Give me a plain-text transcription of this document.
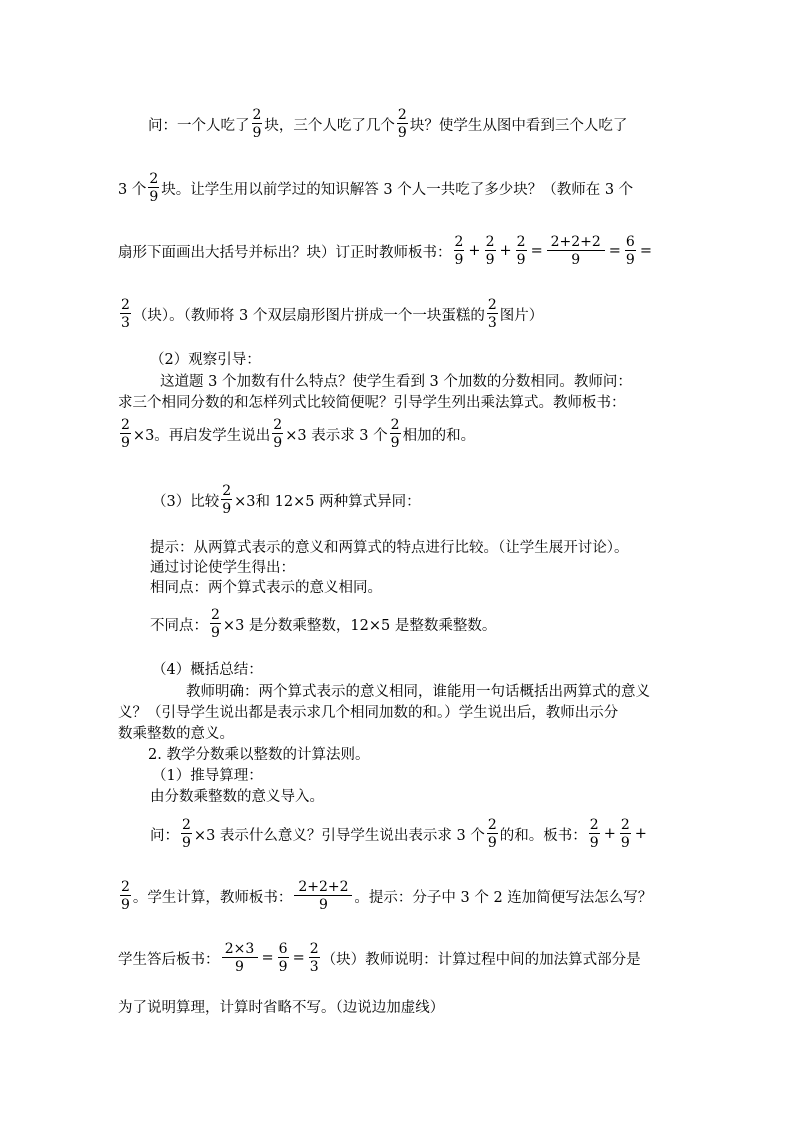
问：一个人吃了 $\frac{2}{9}$ 块，三个人吃了几个 $\frac{2}{9}$ 块？使学生从图中看到三个人吃了
3 个 $\frac{2}{9}$ 块。让学生用以前学过的知识解答 3 个人一共吃了多少块？（教师在 3 个
扇形下面画出大括号并标出？块）订正时教师板书： $\frac{2}{9} + \frac{2}{9} + \frac{2}{9} = \frac{2+2+2}{9} = \frac{6}{9}$ =
$\frac{2}{3}$ （块）。（教师将 3 个双层扇形图片拼成一个一块蛋糕的 $\frac{2}{3}$ 图片）
（2）观察引导：
这道题 3 个加数有什么特点？使学生看到 3 个加数的分数相同。教师问：
求三个相同分数的和怎样列式比较简便呢？引导学生列出乘法算式。教师板书：
$\frac{2}{9} \times 3$。再启发学生说出 $\frac{2}{9} \times 3$ 表示求 3 个 $\frac{2}{9}$ 相加的和。
（3）比较 $\frac{2}{9} \times 3$和 12×5 两种算式异同：
提示：从两算式表示的意义和两算式的特点进行比较。（让学生展开讨论）。
通过讨论使学生得出：
相同点：两个算式表示的意义相同。
不同点： $\frac{2}{9} \times 3$ 是分数乘整数，12×5 是整数乘整数。
（4）概括总结：
教师明确：两个算式表示的意义相同，谁能用一句话概括出两算式的意义
义？（引导学生说出都是表示求几个相同加数的和。）学生说出后，教师出示分
数乘整数的意义。
2. 教学分数乘以整数的计算法则。
（1）推导算理：
由分数乘整数的意义导入。
问： $\frac{2}{9} \times 3$ 表示什么意义？引导学生说出表示求 3 个 $\frac{2}{9}$ 的和。板书： $\frac{2}{9} + \frac{2}{9}$ +
$\frac{2}{9}$ 。学生计算，教师板书： $\frac{2+2+2}{9}$ 。提示：分子中 3 个 2 连加简便写法怎么写？
学生答后板书： $\frac{2\times 3}{9} = \frac{6}{9} = \frac{2}{3}$ （块）教师说明：计算过程中间的加法算式部分是
为了说明算理，计算时省略不写。（边说边加虚线）
